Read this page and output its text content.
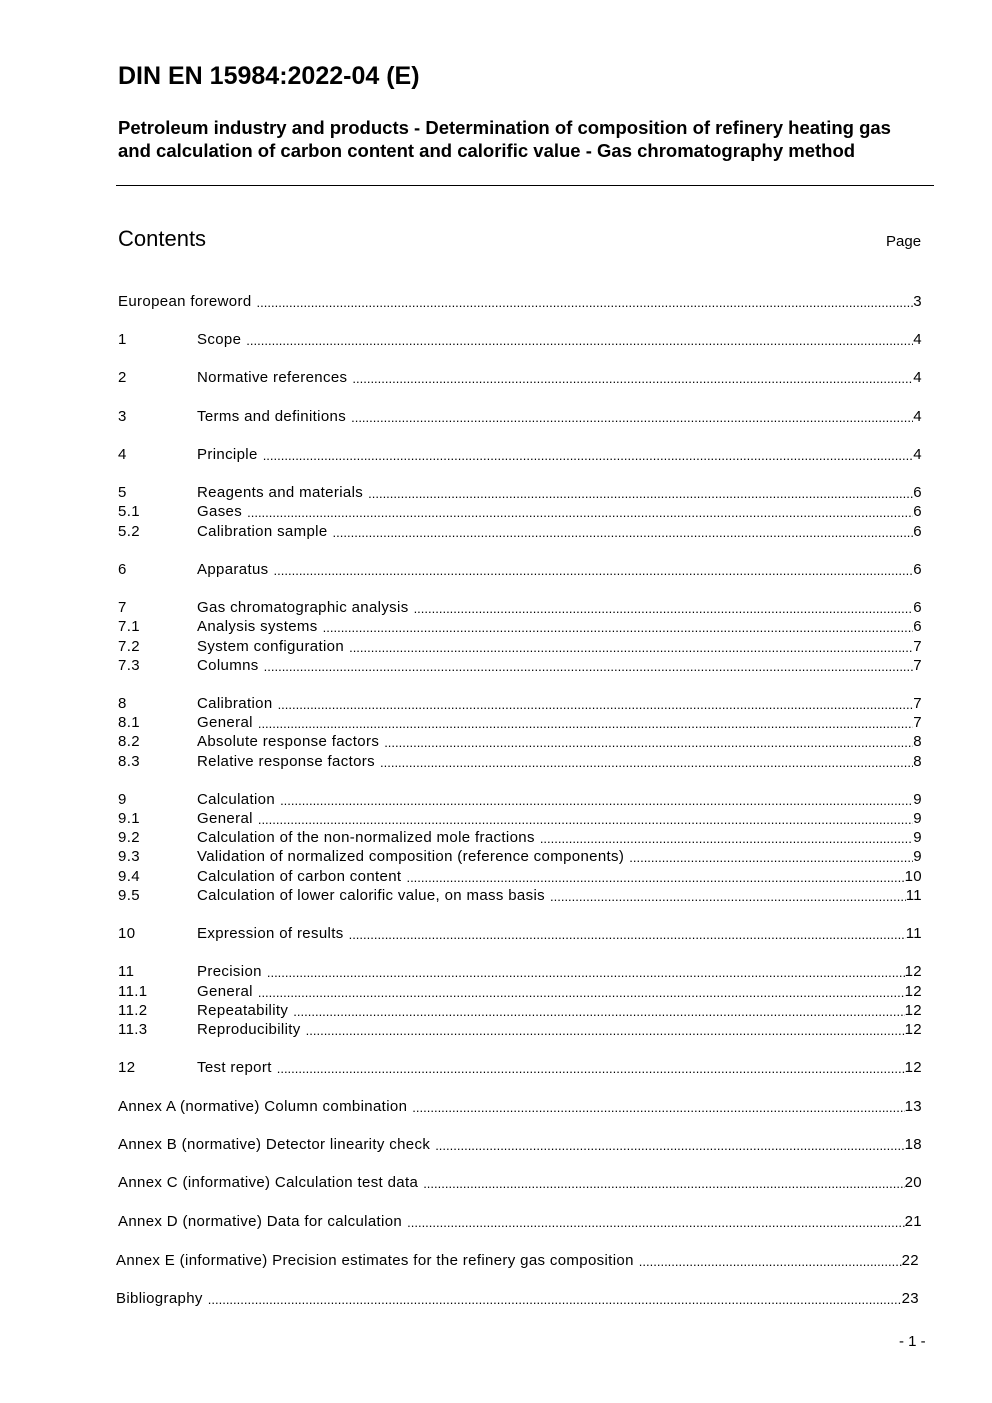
DIN EN 15984:2022-04 (E)
Petroleum industry and products - Determination of composition of refinery heating gas and calculation of carbon content and calorific value - Gas chromatography method
Contents	Page
European foreword .....	3
1	Scope .....	4
2	Normative references .....	4
3	Terms and definitions .....	4
4	Principle .....	4
5	Reagents and materials .....	6
5.1	Gases .....	6
5.2	Calibration sample .....	6
6	Apparatus .....	6
7	Gas chromatographic analysis .....	6
7.1	Analysis systems .....	6
7.2	System configuration .....	7
7.3	Columns .....	7
8	Calibration .....	7
8.1	General .....	7
8.2	Absolute response factors .....	8
8.3	Relative response factors .....	8
9	Calculation .....	9
9.1	General .....	9
9.2	Calculation of the non-normalized mole fractions .....	9
9.3	Validation of normalized composition (reference components) .....	9
9.4	Calculation of carbon content .....	10
9.5	Calculation of lower calorific value, on mass basis .....	11
10	Expression of results .....	11
11	Precision .....	12
11.1	General .....	12
11.2	Repeatability .....	12
11.3	Reproducibility .....	12
12	Test report .....	12
Annex A (normative) Column combination .....	13
Annex B (normative) Detector linearity check .....	18
Annex C (informative) Calculation test data .....	20
Annex D (normative) Data for calculation .....	21
Annex E (informative) Precision estimates for the refinery gas composition .....	22
Bibliography .....	23
- 1 -
